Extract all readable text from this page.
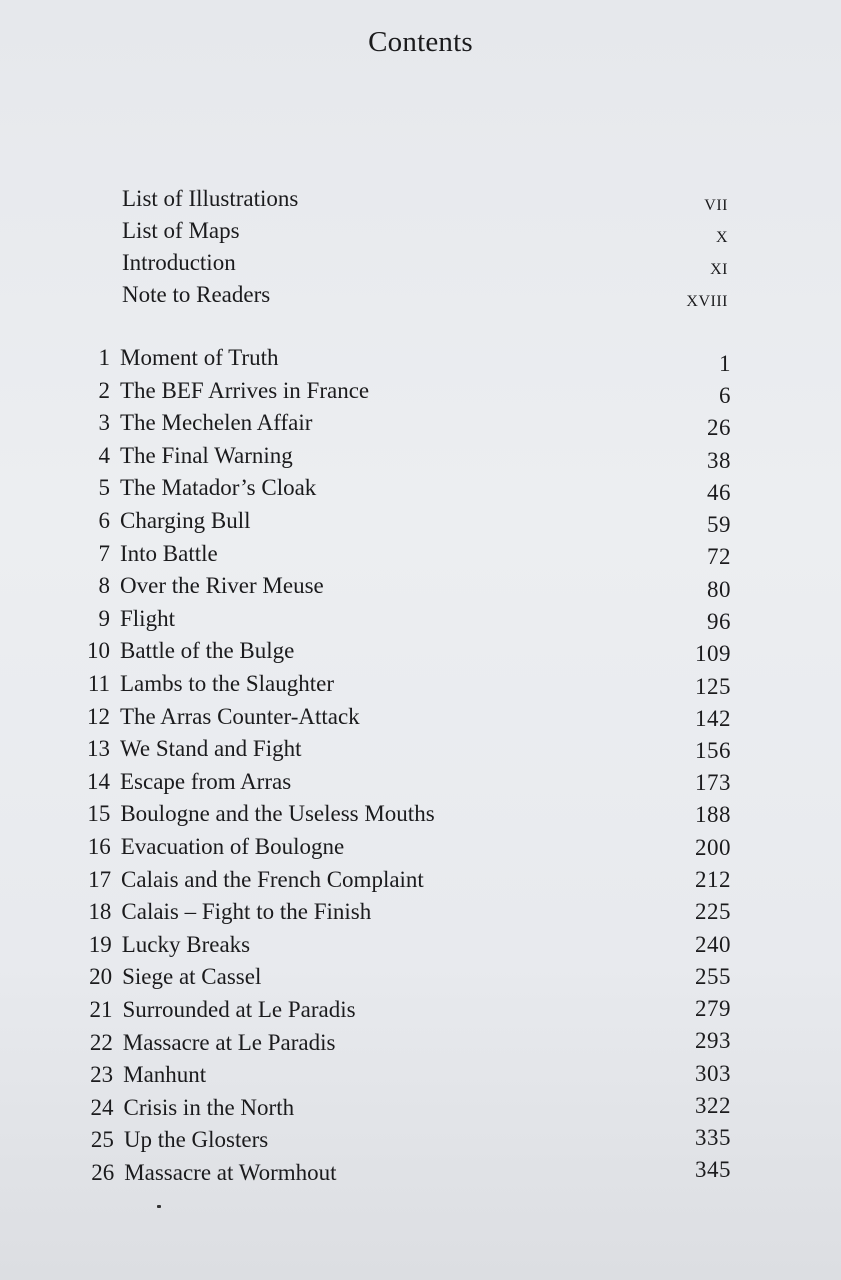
Contents
List of Illustrations	vii
List of Maps	x
Introduction	xi
Note to Readers	xviii
1 Moment of Truth	1
2 The BEF Arrives in France	6
3 The Mechelen Affair	26
4 The Final Warning	38
5 The Matador’s Cloak	46
6 Charging Bull	59
7 Into Battle	72
8 Over the River Meuse	80
9 Flight	96
10 Battle of the Bulge	109
11 Lambs to the Slaughter	125
12 The Arras Counter-Attack	142
13 We Stand and Fight	156
14 Escape from Arras	173
15 Boulogne and the Useless Mouths	188
16 Evacuation of Boulogne	200
17 Calais and the French Complaint	212
18 Calais – Fight to the Finish	225
19 Lucky Breaks	240
20 Siege at Cassel	255
21 Surrounded at Le Paradis	279
22 Massacre at Le Paradis	293
23 Manhunt	303
24 Crisis in the North	322
25 Up the Glosters	335
26 Massacre at Wormhout	345
